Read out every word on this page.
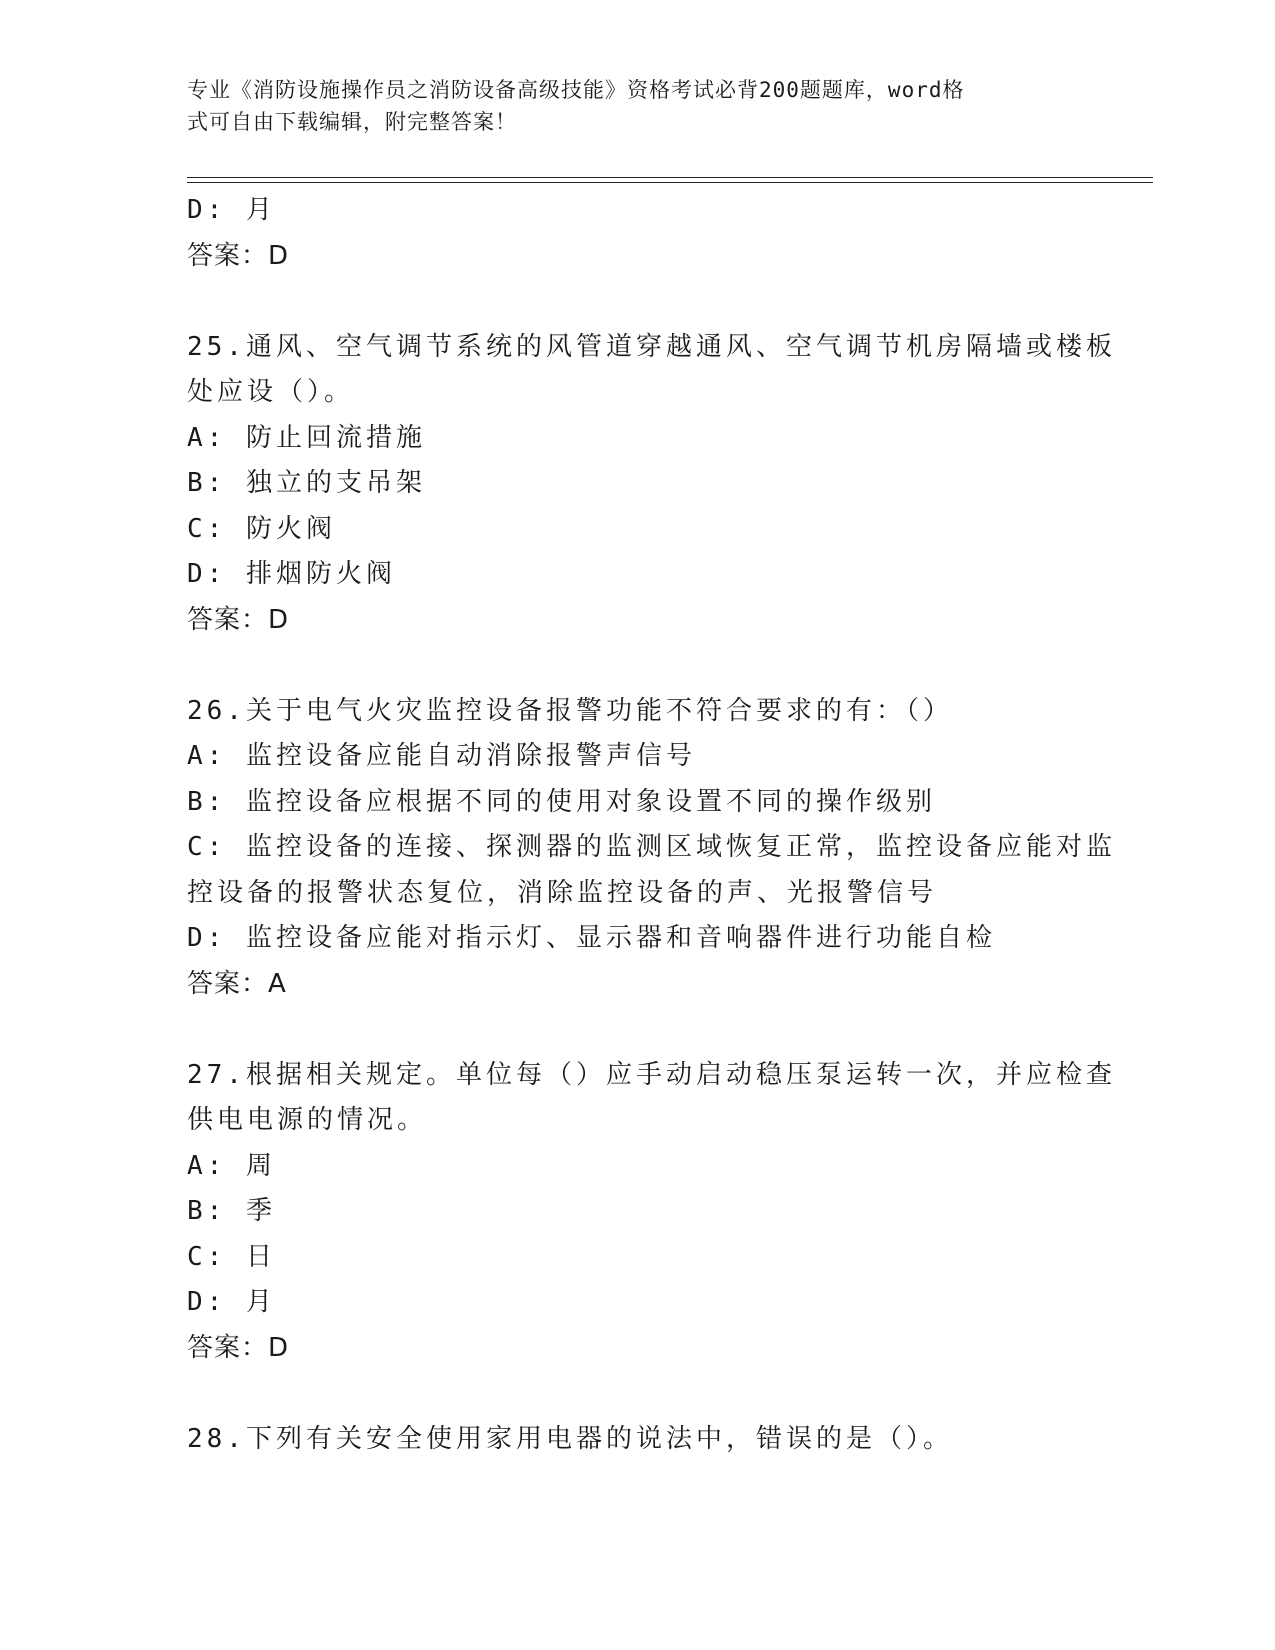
专业《消防设施操作员之消防设备高级技能》资格考试必背200题题库，word格
式可自由下载编辑，附完整答案！
D: 月
答案：D
25.通风、空气调节系统的风管道穿越通风、空气调节机房隔墙或楼板
处应设（）。
A: 防止回流措施
B: 独立的支吊架
C: 防火阀
D: 排烟防火阀
答案：D
26.关于电气火灾监控设备报警功能不符合要求的有：（）
A: 监控设备应能自动消除报警声信号
B: 监控设备应根据不同的使用对象设置不同的操作级别
C: 监控设备的连接、探测器的监测区域恢复正常，监控设备应能对监
控设备的报警状态复位，消除监控设备的声、光报警信号
D: 监控设备应能对指示灯、显示器和音响器件进行功能自检
答案：A
27.根据相关规定。单位每（）应手动启动稳压泵运转一次，并应检查
供电电源的情况。
A: 周
B: 季
C: 日
D: 月
答案：D
28.下列有关安全使用家用电器的说法中，错误的是（）。
